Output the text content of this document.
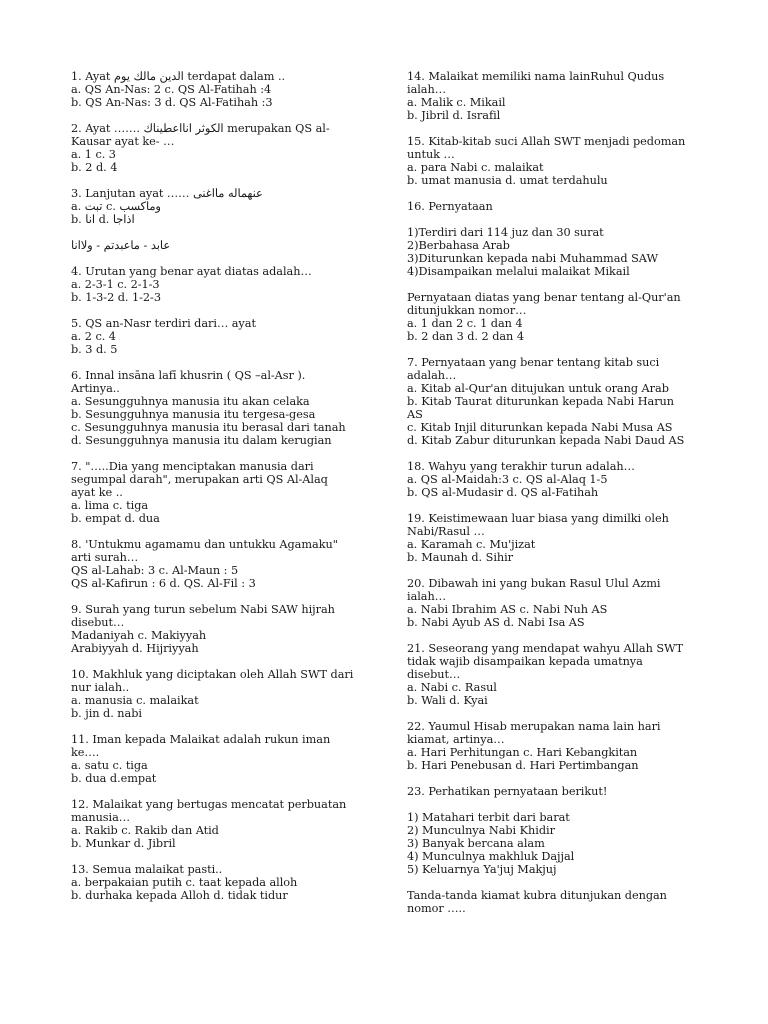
1. Ayat الدين مالك يوم terdapat dalam ..
a. QS An-Nas: 2 c. QS Al-Fatihah :4
b. QS An-Nas: 3 d. QS Al-Fatihah :3
2. Ayat ……. الكوثر انااعطيناك merupakan QS al-
Kausar ayat ke- …
a. 1 c. 3
b. 2 d. 4
3. Lanjutan ayat …… عنهماله مااغنى
a. تبت c. وماكسب
b. انا d. اذاجا
عابد - ماعبدتم - ولاانا
4. Urutan yang benar ayat diatas adalah…
a. 2-3-1 c. 2-1-3
b. 1-3-2 d. 1-2-3
5. QS an-Nasr terdiri dari… ayat
a. 2 c. 4
b. 3 d. 5
6. Innal insāna lafī khusrin ( QS –al-Asr ).
Artinya..
a. Sesungguhnya manusia itu akan celaka
b. Sesungguhnya manusia itu tergesa-gesa
c. Sesungguhnya manusia itu berasal dari tanah
d. Sesungguhnya manusia itu dalam kerugian
7. "…..Dia yang menciptakan manusia dari
segumpal darah", merupakan arti QS Al-Alaq
ayat ke ..
a. lima c. tiga
b. empat d. dua
8. 'Untukmu agamamu dan untukku Agamaku"
arti surah…
QS al-Lahab: 3 c. Al-Maun : 5
QS al-Kafirun : 6 d. QS. Al-Fil : 3
9. Surah yang turun sebelum Nabi SAW hijrah
disebut…
Madaniyah c. Makiyyah
Arabiyyah d. Hijriyyah
10. Makhluk yang diciptakan oleh Allah SWT dari
nur ialah..
a. manusia c. malaikat
b. jin d. nabi
11. Iman kepada Malaikat adalah rukun iman
ke….
a. satu c. tiga
b. dua d.empat
12. Malaikat yang bertugas mencatat perbuatan
manusia…
a. Rakib c. Rakib dan Atid
b. Munkar d. Jibril
13. Semua malaikat pasti..
a. berpakaian putih c. taat kepada alloh
b. durhaka kepada Alloh d. tidak tidur
14. Malaikat memiliki nama lainRuhul Qudus
ialah…
a. Malik c. Mikail
b. Jibril d. Israfil
15. Kitab-kitab suci Allah SWT menjadi pedoman
untuk …
a. para Nabi c. malaikat
b. umat manusia d. umat terdahulu
16. Pernyataan
1)Terdiri dari 114 juz dan 30 surat
2)Berbahasa Arab
3)Diturunkan kepada nabi Muhammad SAW
4)Disampaikan melalui malaikat Mikail
Pernyataan diatas yang benar tentang al-Qur'an
ditunjukkan nomor…
a. 1 dan 2 c. 1 dan 4
b. 2 dan 3 d. 2 dan 4
7. Pernyataan yang benar tentang kitab suci
adalah…
a. Kitab al-Qur'an ditujukan untuk orang Arab
b. Kitab Taurat diturunkan kepada Nabi Harun
AS
c. Kitab Injil diturunkan kepada Nabi Musa AS
d. Kitab Zabur diturunkan kepada Nabi Daud AS
18. Wahyu yang terakhir turun adalah…
a. QS al-Maidah:3 c. QS al-Alaq 1-5
b. QS al-Mudasir d. QS al-Fatihah
19. Keistimewaan luar biasa yang dimilki oleh
Nabi/Rasul …
a. Karamah c. Mu'jizat
b. Maunah d. Sihir
20. Dibawah ini yang bukan Rasul Ulul Azmi
ialah…
a. Nabi Ibrahim AS c. Nabi Nuh AS
b. Nabi Ayub AS d. Nabi Isa AS
21. Seseorang yang mendapat wahyu Allah SWT
tidak wajib disampaikan kepada umatnya
disebut…
a. Nabi c. Rasul
b. Wali d. Kyai
22. Yaumul Hisab merupakan nama lain hari
kiamat, artinya…
a. Hari Perhitungan c. Hari Kebangkitan
b. Hari Penebusan d. Hari Pertimbangan
23. Perhatikan pernyataan berikut!
1) Matahari terbit dari barat
2) Munculnya Nabi Khidir
3) Banyak bercana alam
4) Munculnya makhluk Dajjal
5) Keluarnya Ya'juj Makjuj
Tanda-tanda kiamat kubra ditunjukan dengan
nomor …..
